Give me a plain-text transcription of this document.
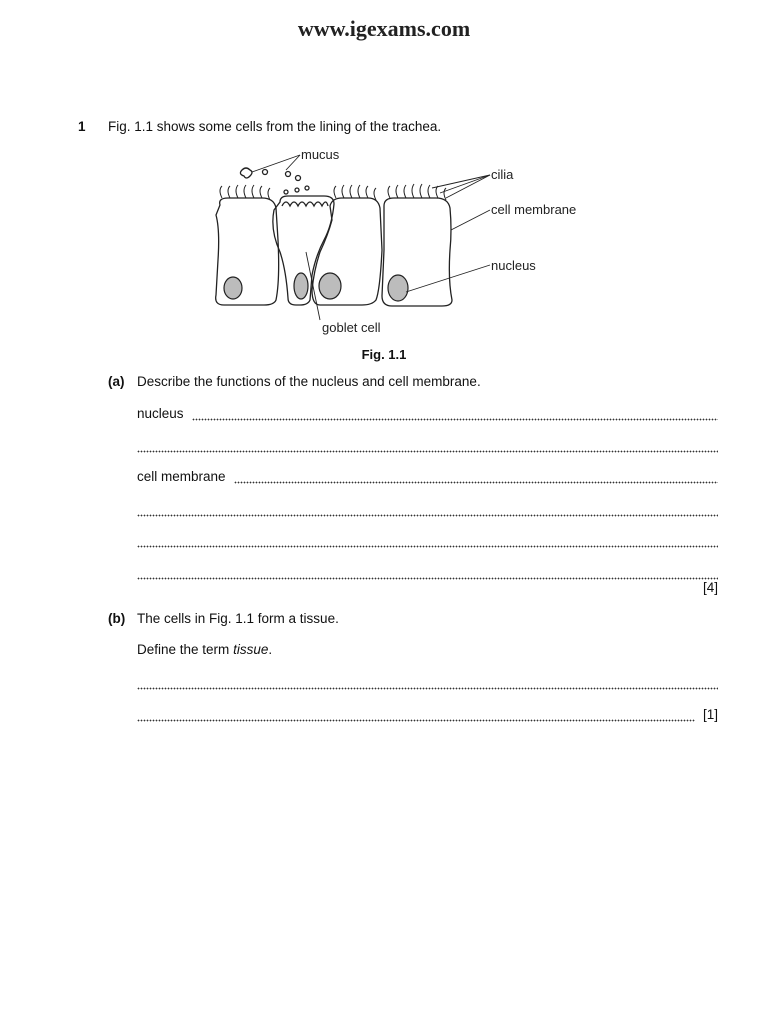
www.igexams.com
1 Fig. 1.1 shows some cells from the lining of the trachea.
mucus
cilia
cell membrane
nucleus
goblet cell
Fig. 1.1
(a) Describe the functions of the nucleus and cell membrane.
nucleus
cell membrane
[4]
(b) The cells in Fig. 1.1 form a tissue.
Define the term tissue.
[1]
